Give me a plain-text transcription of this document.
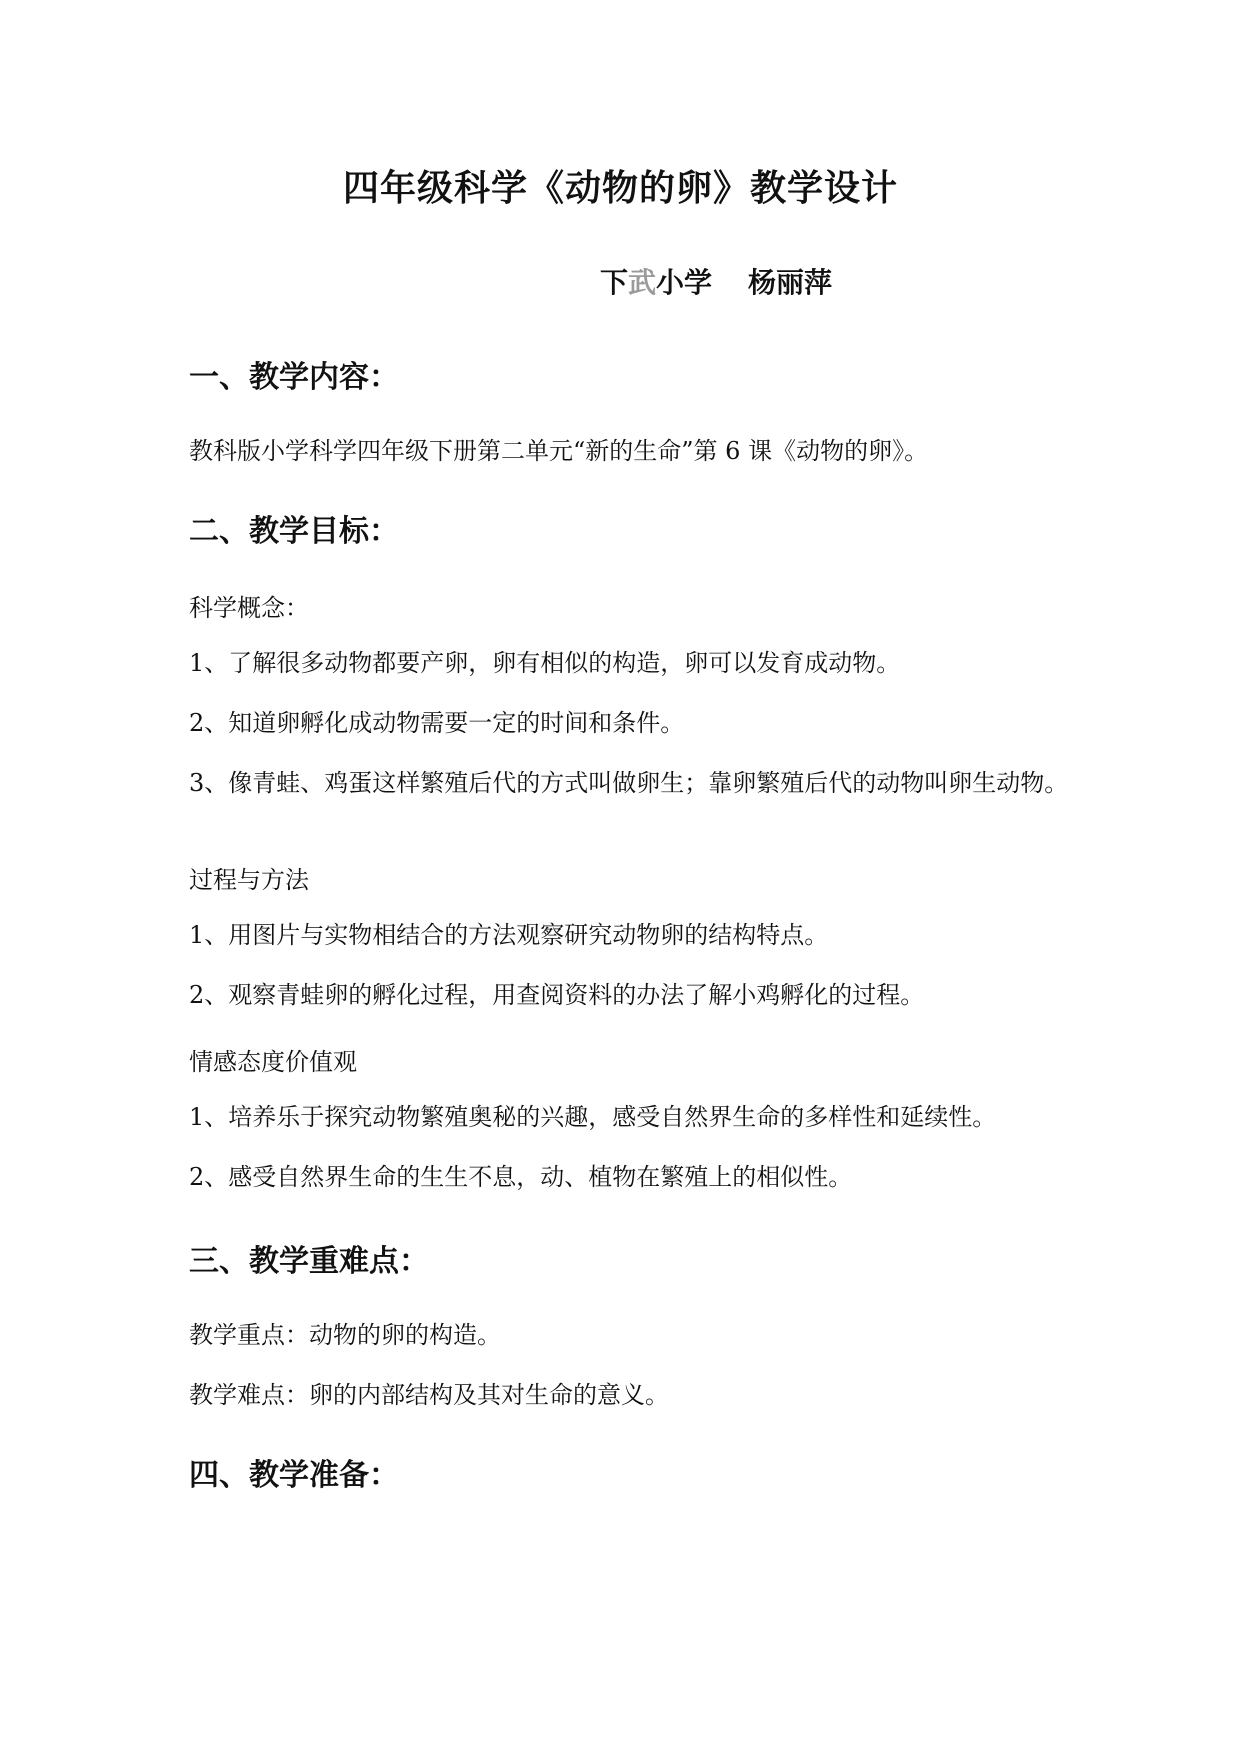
四年级科学《动物的卵》教学设计
下武小学 杨丽萍
一、教学内容：
教科版小学科学四年级下册第二单元“新的生命”第 6 课《动物的卵》。
二、教学目标：
科学概念：
1、了解很多动物都要产卵，卵有相似的构造，卵可以发育成动物。
2、知道卵孵化成动物需要一定的时间和条件。
3、像青蛙、鸡蛋这样繁殖后代的方式叫做卵生；靠卵繁殖后代的动物叫卵生动物。
过程与方法
1、用图片与实物相结合的方法观察研究动物卵的结构特点。
2、观察青蛙卵的孵化过程，用查阅资料的办法了解小鸡孵化的过程。
情感态度价值观
1、培养乐于探究动物繁殖奥秘的兴趣，感受自然界生命的多样性和延续性。
2、感受自然界生命的生生不息，动、植物在繁殖上的相似性。
三、教学重难点：
教学重点：动物的卵的构造。
教学难点：卵的内部结构及其对生命的意义。
四、教学准备：
